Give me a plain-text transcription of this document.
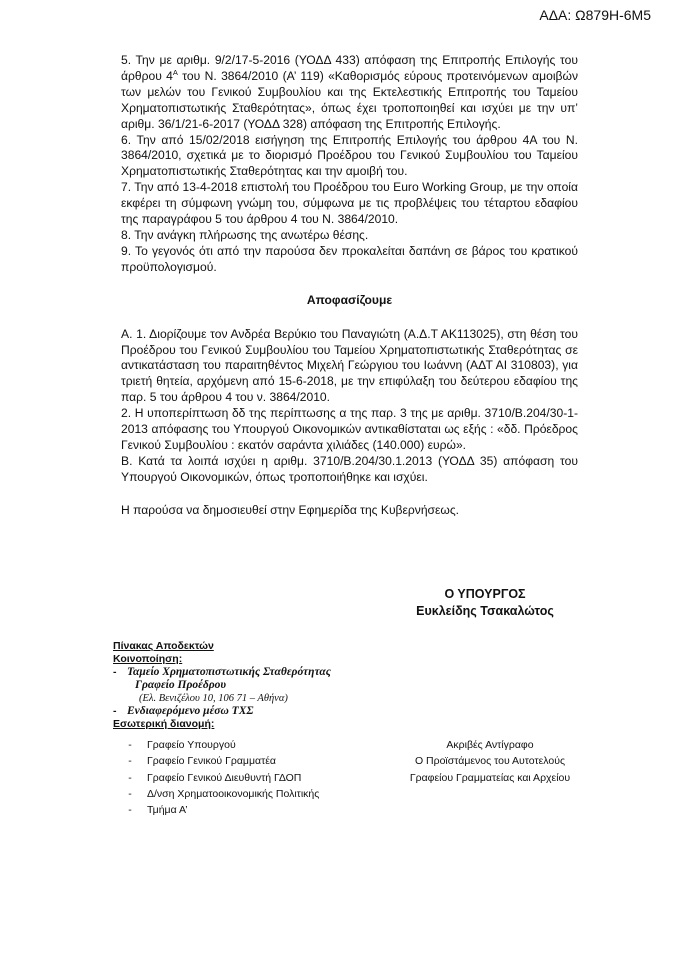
ΑΔΑ: Ω879Η-6Μ5

5. Την με αριθμ. 9/2/17-5-2016 (ΥΟΔΔ 433) απόφαση της Επιτροπής Επιλογής του άρθρου $4^A$ του Ν. 3864/2010 (Α’ 119) «Καθορισμός εύρους προτεινόμενων αμοιβών των μελών του Γενικού Συμβουλίου και της Εκτελεστικής Επιτροπής του Ταμείου Χρηματοπιστωτικής Σταθερότητας», όπως έχει τροποποιηθεί και ισχύει με την υπ’ αριθμ. 36/1/21-6-2017 (ΥΟΔΔ 328) απόφαση της Επιτροπής Επιλογής.

6. Την από 15/02/2018 εισήγηση της Επιτροπής Επιλογής του άρθρου 4Α του Ν. 3864/2010, σχετικά με το διορισμό Προέδρου του Γενικού Συμβουλίου του Ταμείου Χρηματοπιστωτικής Σταθερότητας και την αμοιβή του.

7. Την από 13-4-2018 επιστολή του Προέδρου του Euro Working Group, με την οποία εκφέρει τη σύμφωνη γνώμη του, σύμφωνα με τις προβλέψεις του τέταρτου εδαφίου της παραγράφου 5 του άρθρου 4 του Ν. 3864/2010.

8. Την ανάγκη πλήρωσης της ανωτέρω θέσης.

9. Το γεγονός ότι από την παρούσα δεν προκαλείται δαπάνη σε βάρος του κρατικού προϋπολογισμού.

Αποφασίζουμε

Α. 1. Διορίζουμε τον Ανδρέα Βερύκιο του Παναγιώτη (Α.Δ.Τ ΑΚ113025), στη θέση του Προέδρου του Γενικού Συμβουλίου του Ταμείου Χρηματοπιστωτικής Σταθερότητας σε αντικατάσταση του παραιτηθέντος Μιχελή Γεώργιου του Ιωάννη (ΑΔΤ ΑΙ 310803), για τριετή θητεία, αρχόμενη από 15-6-2018, με την επιφύλαξη του δεύτερου εδαφίου της παρ. 5 του άρθρου 4 του ν. 3864/2010.

2. Η υποπερίπτωση δδ της περίπτωσης α της παρ. 3 της με αριθμ. 3710/Β.204/30-1-2013 απόφασης του Υπουργού Οικονομικών αντικαθίσταται ως εξής : «δδ. Πρόεδρος Γενικού Συμβουλίου : εκατόν σαράντα χιλιάδες (140.000) ευρώ».

Β. Κατά τα λοιπά ισχύει η αριθμ. 3710/Β.204/30.1.2013 (ΥΟΔΔ 35) απόφαση του Υπουργού Οικονομικών, όπως τροποποιήθηκε και ισχύει.

Η παρούσα να δημοσιευθεί στην Εφημερίδα της Κυβερνήσεως.

Ο ΥΠΟΥΡΓΟΣ
Ευκλείδης Τσακαλώτος
Πίνακας Αποδεκτών
Κοινοποίηση:
- Ταμείο Χρηματοπιστωτικής Σταθερότητας
Γραφείο Προέδρου
(Ελ. Βενιζέλου 10, 106 71 – Αθήνα)
- Ενδιαφερόμενο μέσω ΤΧΣ
Εσωτερική διανομή:
-	Γραφείο Υπουργού
-	Γραφείο Γενικού Γραμματέα
-	Γραφείο Γενικού Διευθυντή ΓΔΟΠ
-	Δ/νση Χρηματοοικονομικής Πολιτικής
-	Τμήμα Α’
Ακριβές Αντίγραφο
Ο Προϊστάμενος του Αυτοτελούς
Γραφείου Γραμματείας και Αρχείου
